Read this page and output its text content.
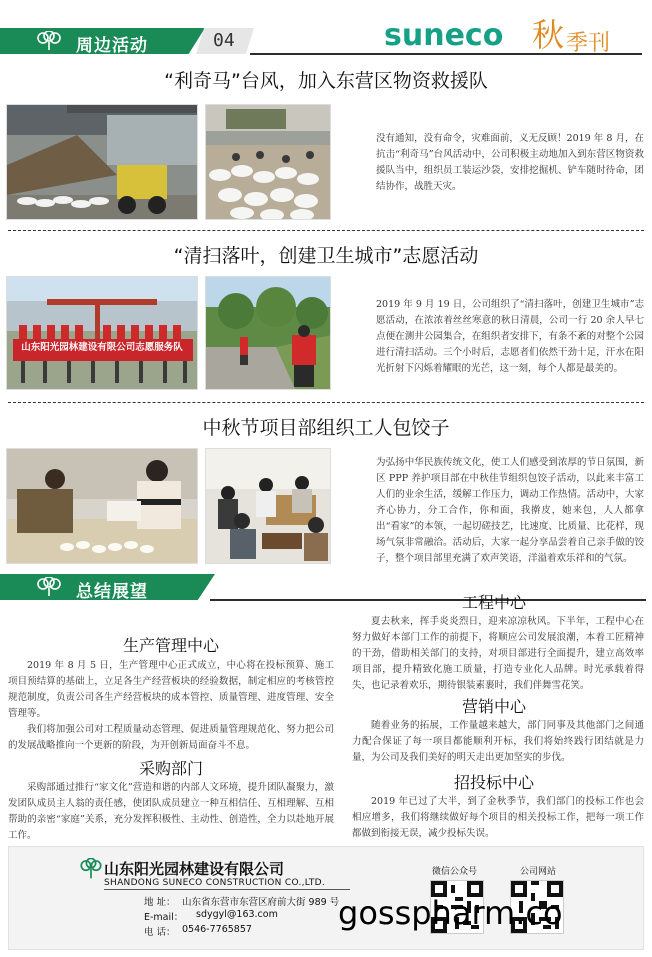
周边活动	04	suneco 秋 季刊
“利奇马”台风，加入东营区物资救援队
没有通知，没有命令，灾难面前，义无反顾！2019 年 8 月，在抗击“利奇马”台风活动中，公司积极主动地加入到东营区物资救援队当中，组织员工装运沙袋，安排挖掘机、铲车随时待命，团结协作，战胜天灾。
“清扫落叶，创建卫生城市”志愿活动
山东阳光园林建设有限公司志愿服务队
2019 年 9 月 19 日，公司组织了“清扫落叶，创建卫生城市”志愿活动，在浓浓着丝丝寒意的秋日清晨，公司一行 20 余人早七点便在测井公园集合，在组织者安排下，有条不紊的对整个公园进行清扫活动。三个小时后，志愿者们依然干劲十足，汗水在阳光折射下闪烁着耀眼的光芒，这一刻，每个人都是最美的。
中秋节项目部组织工人包饺子
为弘扬中华民族传统文化，使工人们感受到浓厚的节日氛围，新区 PPP 养护项目部在中秋佳节组织包饺子活动，以此来丰富工人们的业余生活，缓解工作压力，调动工作热情。活动中，大家齐心协力，分工合作，你和面，我擀皮，她来包，人人都拿出“看家”的本领，一起切磋技艺，比速度、比质量、比花样，现场气氛非常融洽。活动后，大家一起分享品尝着自己亲手做的饺子，整个项目部里充满了欢声笑语，洋溢着欢乐祥和的气氛。
总结展望
生产管理中心
2019 年 8 月 5 日，生产管理中心正式成立，中心将在投标预算、施工项目预结算的基础上，立足各生产经营板块的经验数据，制定相应的考核管控规范制度，负责公司各生产经营板块的成本管控、质量管理、进度管理、安全管理等。
我们将加强公司对工程质量动态管理、促进质量管理规范化、努力把公司的发展战略推向一个更新的阶段，为开创新局面奋斗不息。
采购部门
采购部通过推行“家文化”营造和谐的内部人文环境，提升团队凝聚力，激发团队成员主人翁的责任感，使团队成员建立一种互相信任、互相理解、互相帮助的亲密“家庭”关系，充分发挥积极性、主动性、创造性，全力以赴地开展工作。
工程中心
夏去秋来，挥手炎炎烈日，迎来凉凉秋风。下半年，工程中心在努力做好本部门工作的前提下，将顺应公司发展浪潮，本着工匠精神的干劲，借助相关部门的支持，对项目部进行全面提升，建立高效率项目部，提升精致化施工质量，打造专业化人品牌。时光承载着得失，也记录着欢乐，期待银装素裹时，我们伴舞雪花笑。
营销中心
随着业务的拓展，工作量越来越大，部门同事及其他部门之间通力配合保证了每一项目都能顺利开标，我们将始终践行团结就是力量，为公司及我们美好的明天走出更加坚实的步伐。
招投标中心
2019 年已过了大半，到了金秋季节，我们部门的投标工作也会相应增多，我们将继续做好每个项目的相关投标工作，把每一项工作都做到衔接无误，减少投标失误。
山东阳光园林建设有限公司
SHANDONG SUNECO CONSTRUCTION CO.,LTD.
地 址： 山东省东营市东营区府前大街 989 号
E-mail： sdygyl@163.com
电 话： 0546-7765857
微信公众号	公司网站
gosspharm.co
